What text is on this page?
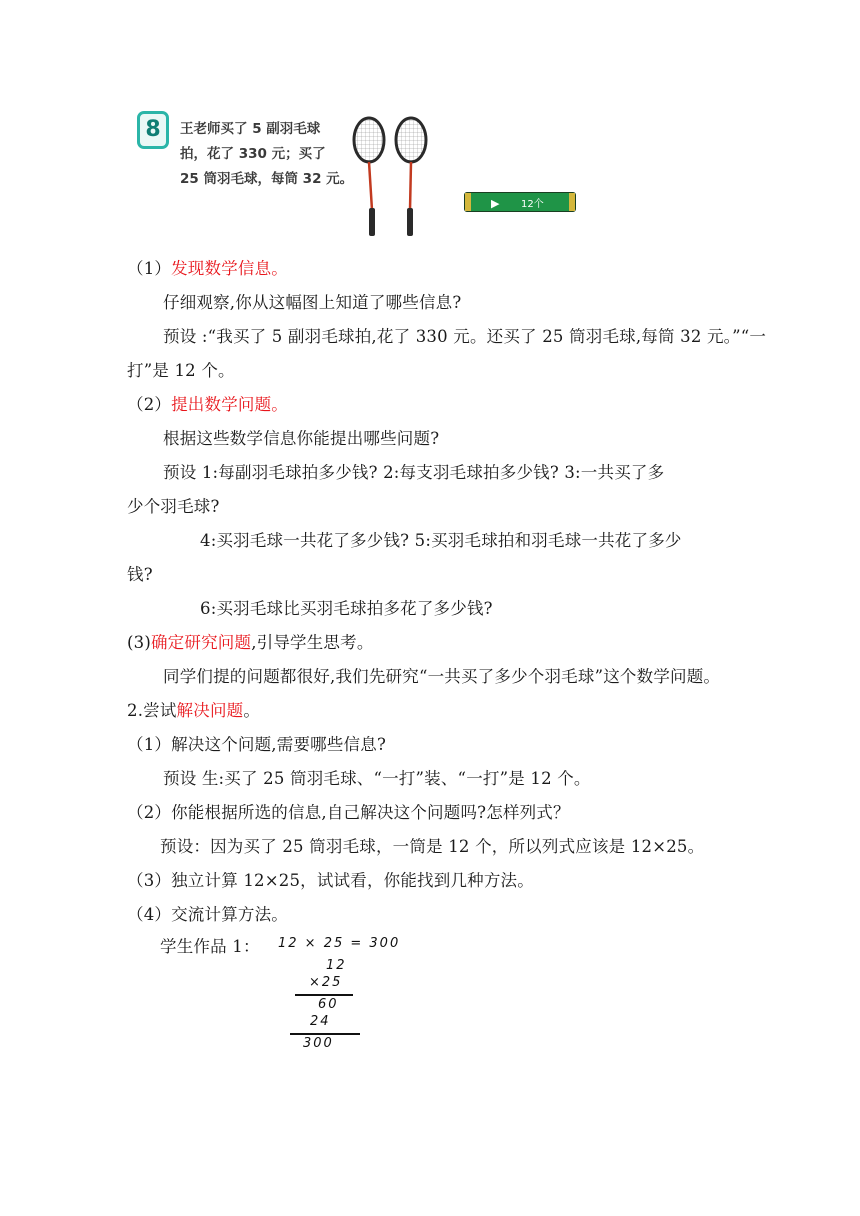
8	王老师买了 5 副羽毛球
拍，花了 330 元；买了
25 筒羽毛球，每筒 32 元。
▶ 12个
（1）发现数学信息。
仔细观察,你从这幅图上知道了哪些信息?
预设 :“我买了 5 副羽毛球拍,花了 330 元。还买了 25 筒羽毛球,每筒 32 元。”“一
打”是 12 个。
（2）提出数学问题。
根据这些数学信息你能提出哪些问题?
预设 1:每副羽毛球拍多少钱? 2:每支羽毛球拍多少钱? 3:一共买了多
少个羽毛球?
4:买羽毛球一共花了多少钱? 5:买羽毛球拍和羽毛球一共花了多少
钱?
6:买羽毛球比买羽毛球拍多花了多少钱?
(3)确定研究问题,引导学生思考。
同学们提的问题都很好,我们先研究“一共买了多少个羽毛球”这个数学问题。
2.尝试解决问题。
（1）解决这个问题,需要哪些信息?
预设 生:买了 25 筒羽毛球、“一打”装、“一打”是 12 个。
（2）你能根据所选的信息,自己解决这个问题吗?怎样列式？
预设：因为买了 25 筒羽毛球，一筒是 12 个，所以列式应该是 12×25。
（3）独立计算 12×25，试试看，你能找到几种方法。
（4）交流计算方法。
学生作品 1： 12 × 25 = 300
12
×25
60
24
300
